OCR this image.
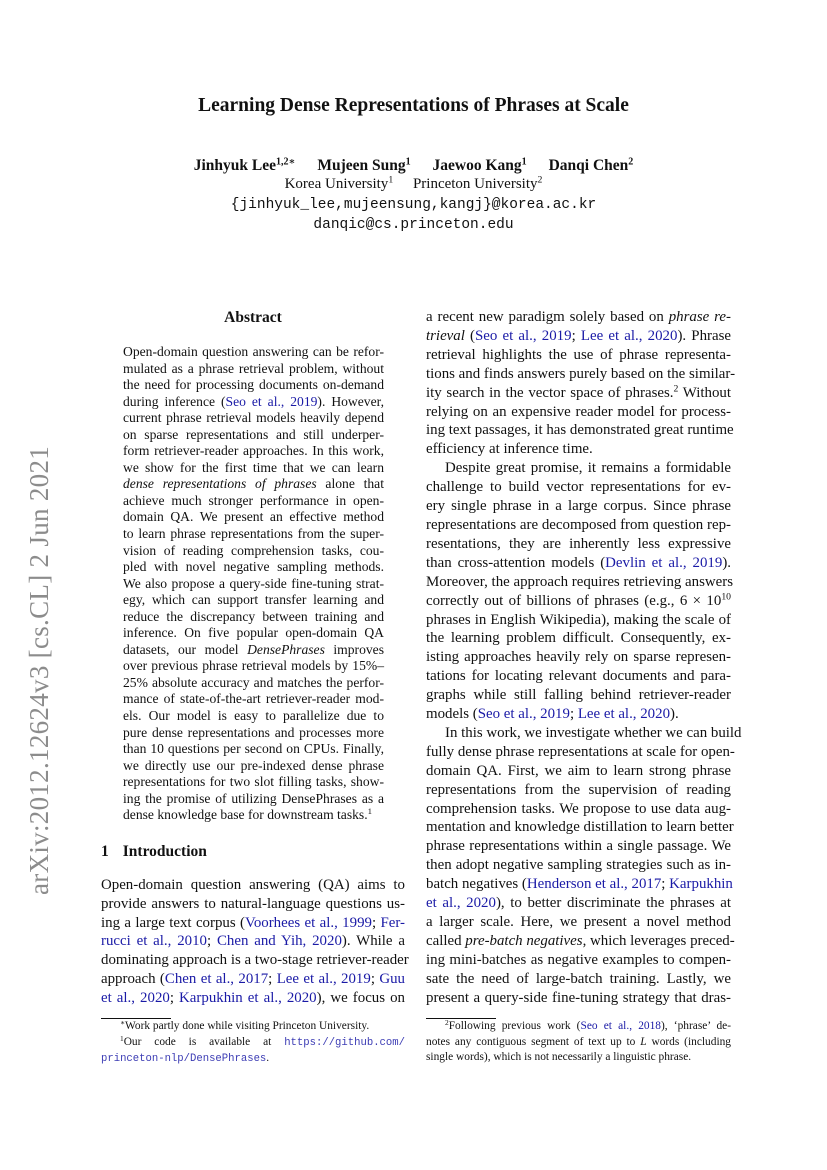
arXiv:2012.12624v3 [cs.CL] 2 Jun 2021
Learning Dense Representations of Phrases at Scale
Jinhyuk Lee$^{1,2∗}$ Mujeen Sung$^1$ Jaewoo Kang$^1$ Danqi Chen$^2$
Korea University$^1$ Princeton University$^2$
{jinhyuk_lee,mujeensung,kangj}@korea.ac.kr
danqic@cs.princeton.edu
Abstract
Open-domain question answering can be refor-
mulated as a phrase retrieval problem, without
the need for processing documents on-demand
during inference (Seo et al., 2019). However,
current phrase retrieval models heavily depend
on sparse representations and still underper-
form retriever-reader approaches. In this work,
we show for the first time that we can learn
dense representations of phrases alone that
achieve much stronger performance in open-
domain QA. We present an effective method
to learn phrase representations from the super-
vision of reading comprehension tasks, cou-
pled with novel negative sampling methods.
We also propose a query-side fine-tuning strat-
egy, which can support transfer learning and
reduce the discrepancy between training and
inference. On five popular open-domain QA
datasets, our model DensePhrases improves
over previous phrase retrieval models by 15%–
25% absolute accuracy and matches the perfor-
mance of state-of-the-art retriever-reader mod-
els. Our model is easy to parallelize due to
pure dense representations and processes more
than 10 questions per second on CPUs. Finally,
we directly use our pre-indexed dense phrase
representations for two slot filling tasks, show-
ing the promise of utilizing DensePhrases as a
dense knowledge base for downstream tasks.$^1$
1 Introduction
Open-domain question answering (QA) aims to
provide answers to natural-language questions us-
ing a large text corpus (Voorhees et al., 1999; Fer-
rucci et al., 2010; Chen and Yih, 2020). While a
dominating approach is a two-stage retriever-reader
approach (Chen et al., 2017; Lee et al., 2019; Guu
et al., 2020; Karpukhin et al., 2020), we focus on
a recent new paradigm solely based on phrase re-
trieval (Seo et al., 2019; Lee et al., 2020). Phrase
retrieval highlights the use of phrase representa-
tions and finds answers purely based on the similar-
ity search in the vector space of phrases.$^2$ Without
relying on an expensive reader model for process-
ing text passages, it has demonstrated great runtime
efficiency at inference time.
Despite great promise, it remains a formidable
challenge to build vector representations for ev-
ery single phrase in a large corpus. Since phrase
representations are decomposed from question rep-
resentations, they are inherently less expressive
than cross-attention models (Devlin et al., 2019).
Moreover, the approach requires retrieving answers
correctly out of billions of phrases (e.g., $6 \times 10^{10}$
phrases in English Wikipedia), making the scale of
the learning problem difficult. Consequently, ex-
isting approaches heavily rely on sparse represen-
tations for locating relevant documents and para-
graphs while still falling behind retriever-reader
models (Seo et al., 2019; Lee et al., 2020).
In this work, we investigate whether we can build
fully dense phrase representations at scale for open-
domain QA. First, we aim to learn strong phrase
representations from the supervision of reading
comprehension tasks. We propose to use data aug-
mentation and knowledge distillation to learn better
phrase representations within a single passage. We
then adopt negative sampling strategies such as in-
batch negatives (Henderson et al., 2017; Karpukhin
et al., 2020), to better discriminate the phrases at
a larger scale. Here, we present a novel method
called pre-batch negatives, which leverages preced-
ing mini-batches as negative examples to compen-
sate the need of large-batch training. Lastly, we
present a query-side fine-tuning strategy that dras-
∗Work partly done while visiting Princeton University.
$^1$Our code is available at https://github.com/
princeton-nlp/DensePhrases.
$^2$Following previous work (Seo et al., 2018), ‘phrase’ de-
notes any contiguous segment of text up to L words (including
single words), which is not necessarily a linguistic phrase.
